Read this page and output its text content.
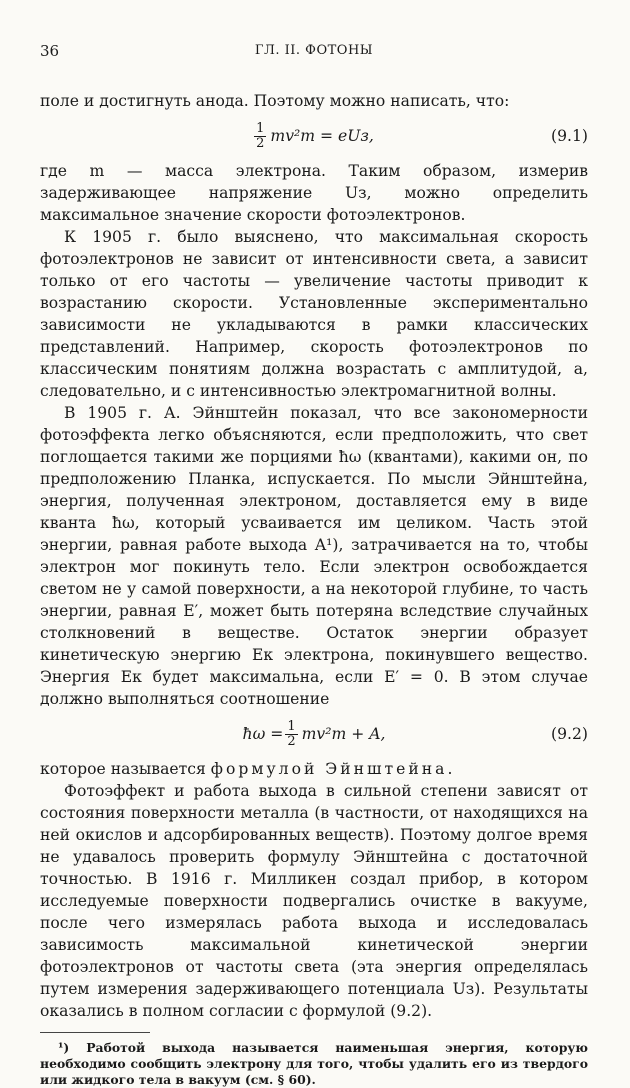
36	ГЛ. II. ФОТОНЫ

поле и достигнуть анода. Поэтому можно написать, что:

$\frac{1}{2} mv^2m$ = eUз,	(9.1)

где m — масса электрона. Таким образом, измерив задерживающее напряжение Uз, можно определить максимальное значение скорости фотоэлектронов.

К 1905 г. было выяснено, что максимальная скорость фотоэлектронов не зависит от интенсивности света, а зависит только от его частоты — увеличение частоты приводит к возрастанию скорости. Установленные экспериментально зависимости не укладываются в рамки классических представлений. Например, скорость фотоэлектронов по классическим понятиям должна возрастать с амплитудой, а, следовательно, и с интенсивностью электромагнитной волны.

В 1905 г. А. Эйнштейн показал, что все закономерности фотоэффекта легко объясняются, если предположить, что свет поглощается такими же порциями ħω (квантами), какими он, по предположению Планка, испускается. По мысли Эйнштейна, энергия, полученная электроном, доставляется ему в виде кванта ħω, который усваивается им целиком. Часть этой энергии, равная работе выхода A¹), затрачивается на то, чтобы электрон мог покинуть тело. Если электрон освобождается светом не у самой поверхности, а на некоторой глубине, то часть энергии, равная E′, может быть потеряна вследствие случайных столкновений в веществе. Остаток энергии образует кинетическую энергию Eк электрона, покинувшего вещество. Энергия Eк будет максимальна, если E′ = 0. В этом случае должно выполняться соотношение

ħω = $\frac{1}{2} mv^2m + A$,	(9.2)

которое называется формулой Эйнштейна.

Фотоэффект и работа выхода в сильной степени зависят от состояния поверхности металла (в частности, от находящихся на ней окислов и адсорбированных веществ). Поэтому долгое время не удавалось проверить формулу Эйнштейна с достаточной точностью. В 1916 г. Милликен создал прибор, в котором исследуемые поверхности подвергались очистке в вакууме, после чего измерялась работа выхода и исследовалась зависимость максимальной кинетической энергии фотоэлектронов от частоты света (эта энергия определялась путем измерения задерживающего потенциала Uз). Результаты оказались в полном согласии с формулой (9.2).

¹) Работой выхода называется наименьшая энергия, которую необходимо сообщить электрону для того, чтобы удалить его из твердого или жидкого тела в вакуум (см. § 60).
